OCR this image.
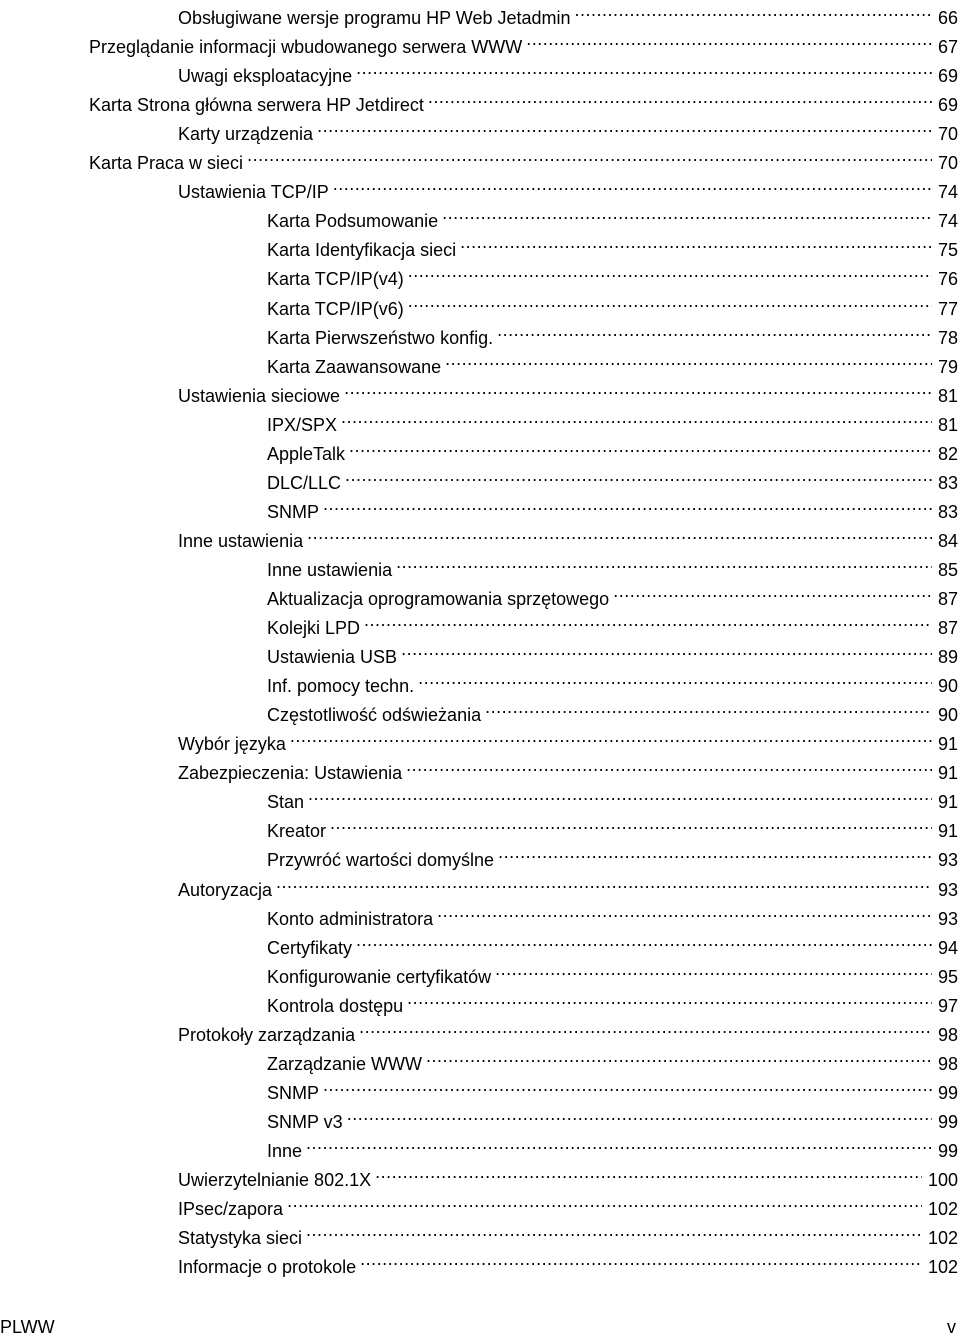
Obsługiwane wersje programu HP Web Jetadmin .....	66
Przeglądanie informacji wbudowanego serwera WWW .....	67
Uwagi eksploatacyjne .....	69
Karta Strona główna serwera HP Jetdirect .....	69
Karty urządzenia .....	70
Karta Praca w sieci .....	70
Ustawienia TCP/IP .....	74
Karta Podsumowanie .....	74
Karta Identyfikacja sieci .....	75
Karta TCP/IP(v4) .....	76
Karta TCP/IP(v6) .....	77
Karta Pierwszeństwo konfig. .....	78
Karta Zaawansowane .....	79
Ustawienia sieciowe .....	81
IPX/SPX .....	81
AppleTalk .....	82
DLC/LLC .....	83
SNMP .....	83
Inne ustawienia .....	84
Inne ustawienia .....	85
Aktualizacja oprogramowania sprzętowego .....	87
Kolejki LPD .....	87
Ustawienia USB .....	89
Inf. pomocy techn. .....	90
Częstotliwość odświeżania .....	90
Wybór języka .....	91
Zabezpieczenia: Ustawienia .....	91
Stan .....	91
Kreator .....	91
Przywróć wartości domyślne .....	93
Autoryzacja .....	93
Konto administratora .....	93
Certyfikaty .....	94
Konfigurowanie certyfikatów .....	95
Kontrola dostępu .....	97
Protokoły zarządzania .....	98
Zarządzanie WWW .....	98
SNMP .....	99
SNMP v3 .....	99
Inne .....	99
Uwierzytelnianie 802.1X .....	100
IPsec/zapora .....	102
Statystyka sieci .....	102
Informacje o protokole .....	102
PLWW	v
